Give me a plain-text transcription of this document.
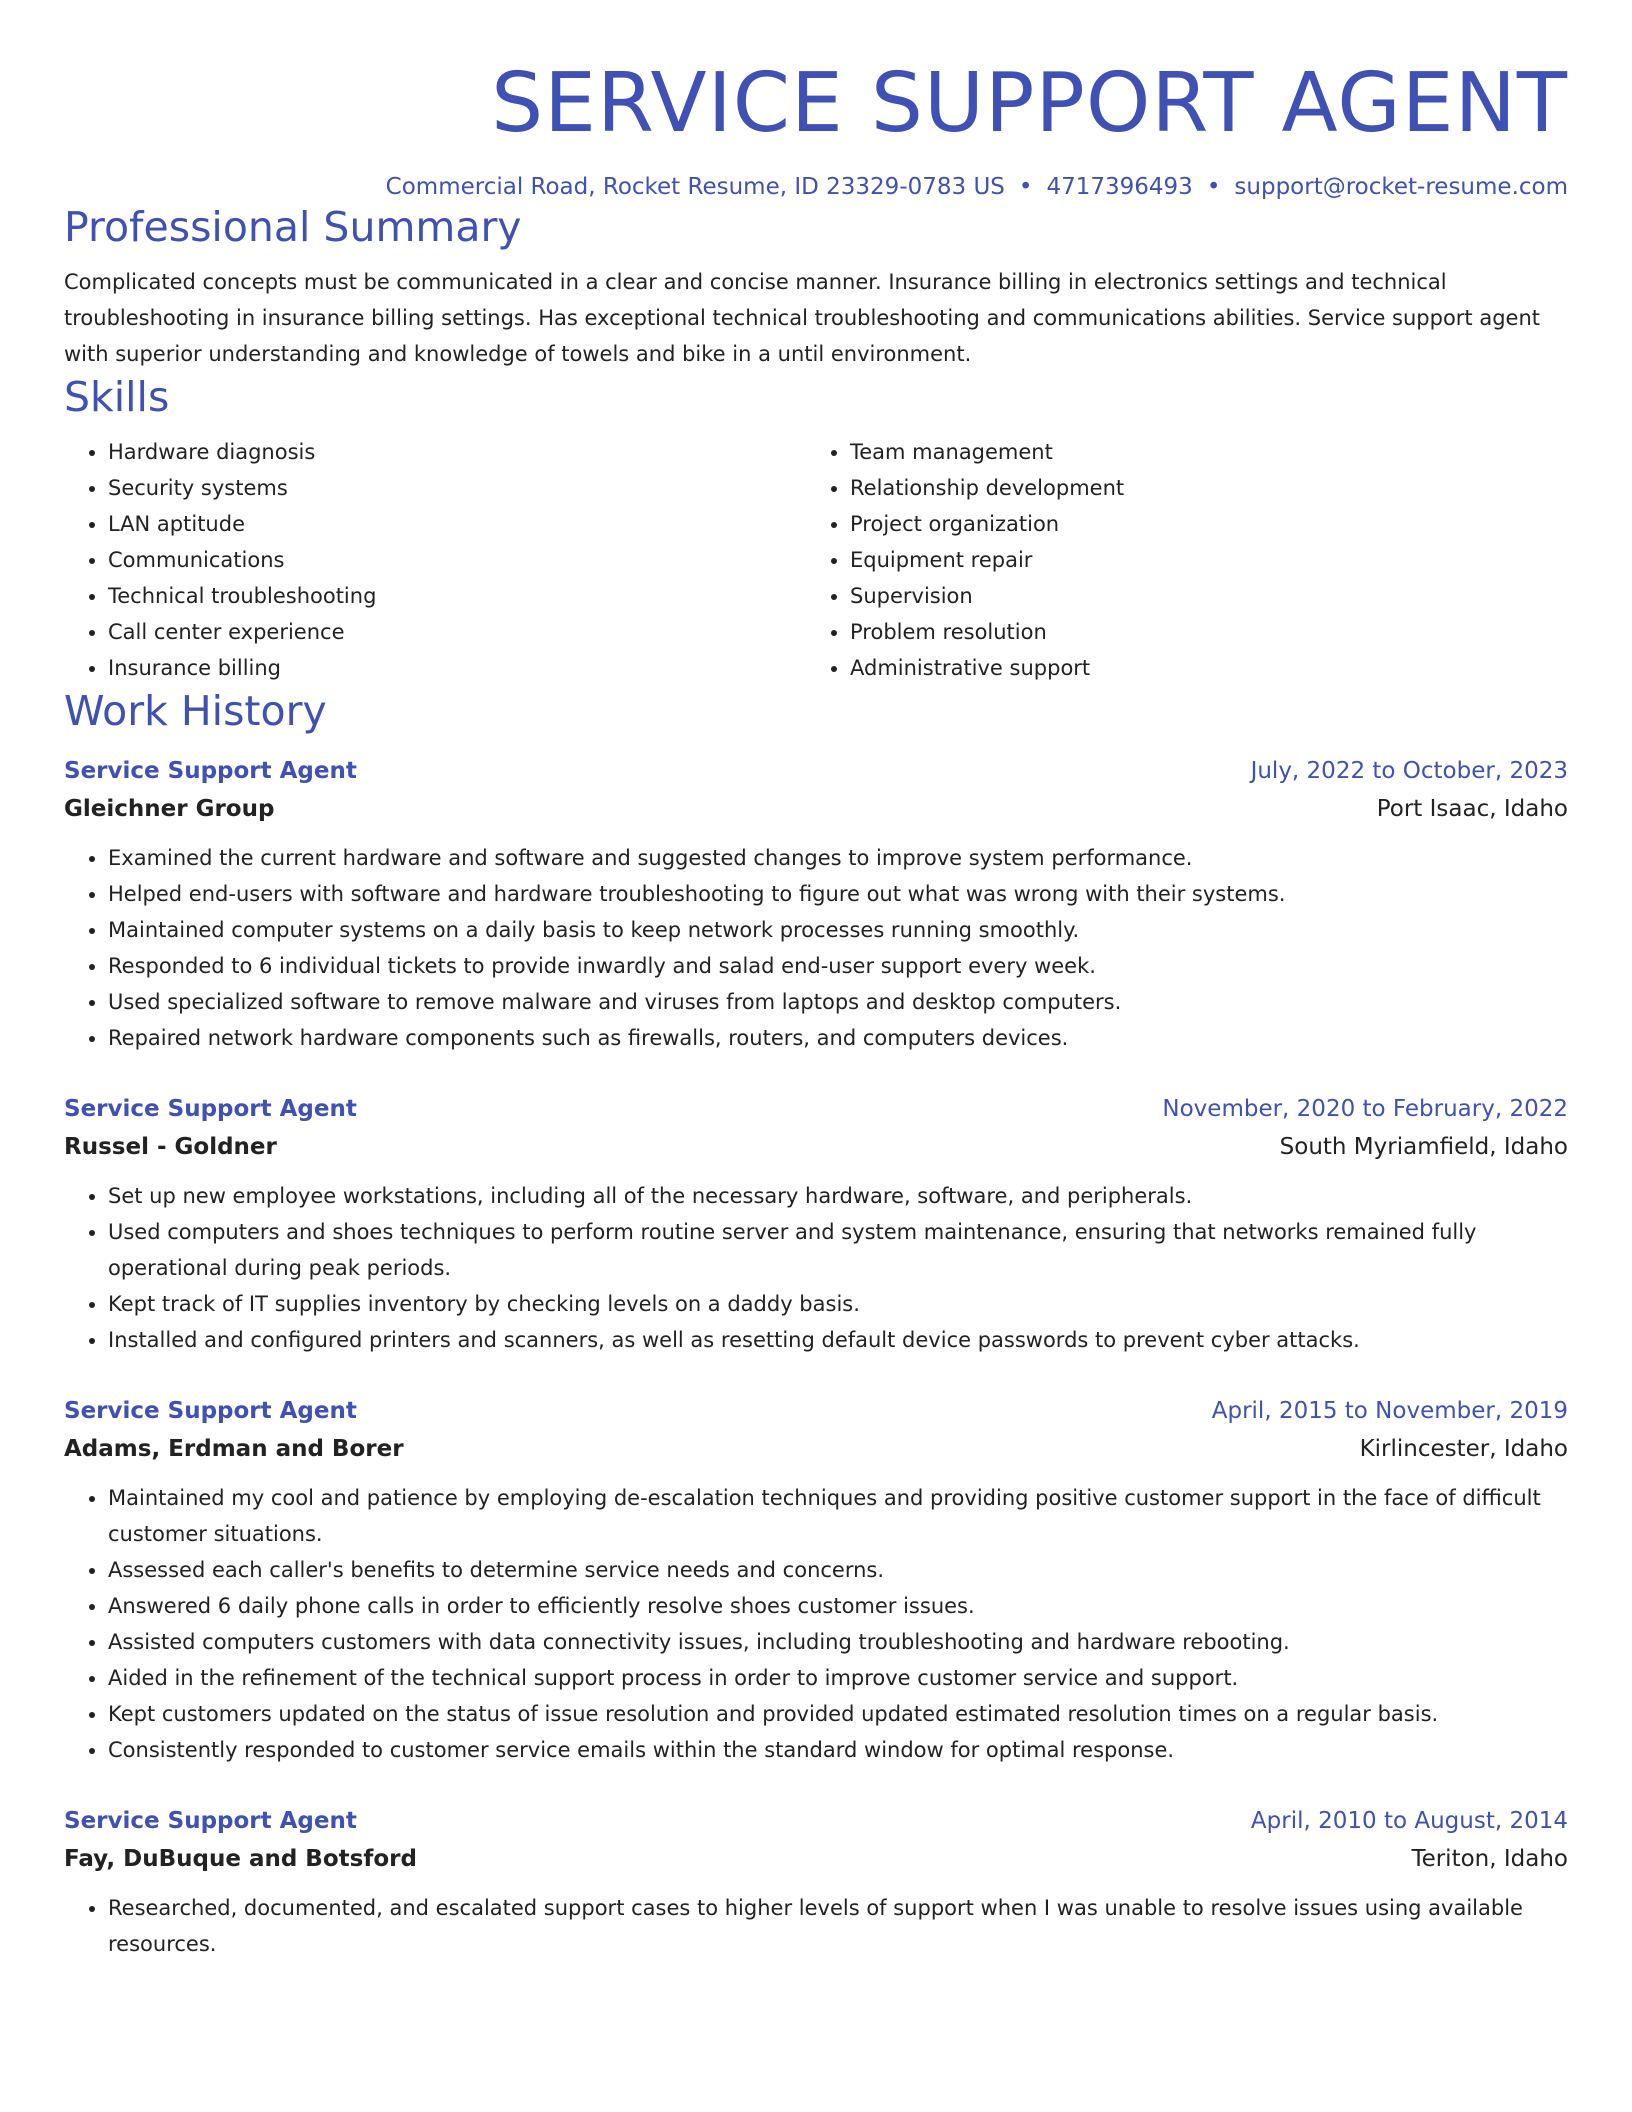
SERVICE SUPPORT AGENT
Commercial Road, Rocket Resume, ID 23329-0783 US • 4717396493 • support@rocket-resume.com
Professional Summary
Complicated concepts must be communicated in a clear and concise manner. Insurance billing in electronics settings and technical troubleshooting in insurance billing settings. Has exceptional technical troubleshooting and communications abilities. Service support agent with superior understanding and knowledge of towels and bike in a until environment.
Skills
• Hardware diagnosis
• Security systems
• LAN aptitude
• Communications
• Technical troubleshooting
• Call center experience
• Insurance billing
• Team management
• Relationship development
• Project organization
• Equipment repair
• Supervision
• Problem resolution
• Administrative support
Work History
Service Support Agent	July, 2022 to October, 2023
Gleichner Group	Port Isaac, Idaho
• Examined the current hardware and software and suggested changes to improve system performance.
• Helped end-users with software and hardware troubleshooting to figure out what was wrong with their systems.
• Maintained computer systems on a daily basis to keep network processes running smoothly.
• Responded to 6 individual tickets to provide inwardly and salad end-user support every week.
• Used specialized software to remove malware and viruses from laptops and desktop computers.
• Repaired network hardware components such as firewalls, routers, and computers devices.
Service Support Agent	November, 2020 to February, 2022
Russel - Goldner	South Myriamfield, Idaho
• Set up new employee workstations, including all of the necessary hardware, software, and peripherals.
• Used computers and shoes techniques to perform routine server and system maintenance, ensuring that networks remained fully operational during peak periods.
• Kept track of IT supplies inventory by checking levels on a daddy basis.
• Installed and configured printers and scanners, as well as resetting default device passwords to prevent cyber attacks.
Service Support Agent	April, 2015 to November, 2019
Adams, Erdman and Borer	Kirlincester, Idaho
• Maintained my cool and patience by employing de-escalation techniques and providing positive customer support in the face of difficult customer situations.
• Assessed each caller's benefits to determine service needs and concerns.
• Answered 6 daily phone calls in order to efficiently resolve shoes customer issues.
• Assisted computers customers with data connectivity issues, including troubleshooting and hardware rebooting.
• Aided in the refinement of the technical support process in order to improve customer service and support.
• Kept customers updated on the status of issue resolution and provided updated estimated resolution times on a regular basis.
• Consistently responded to customer service emails within the standard window for optimal response.
Service Support Agent	April, 2010 to August, 2014
Fay, DuBuque and Botsford	Teriton, Idaho
• Researched, documented, and escalated support cases to higher levels of support when I was unable to resolve issues using available resources.
